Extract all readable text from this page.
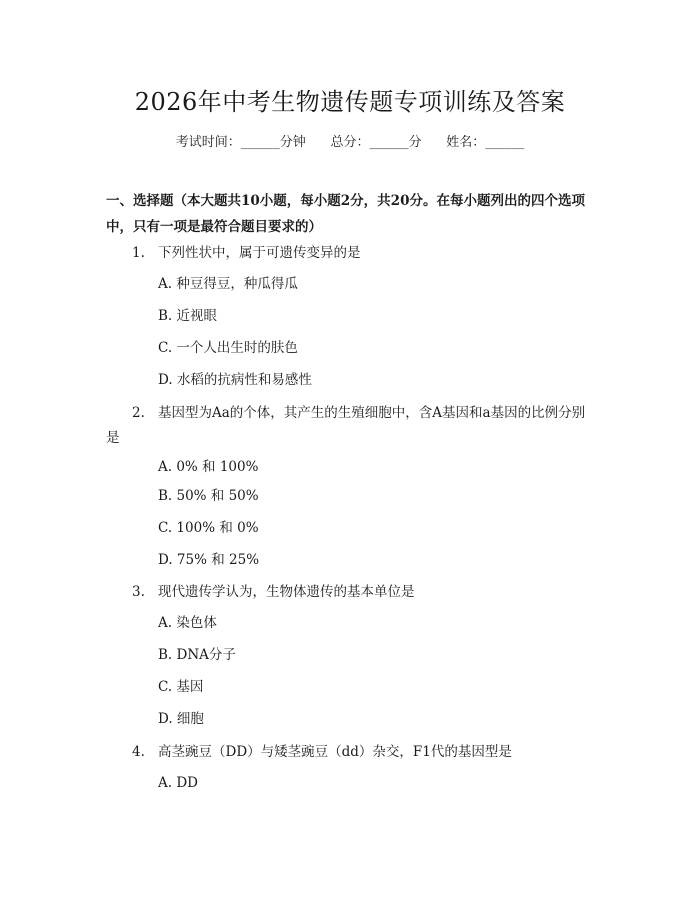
2026年中考生物遗传题专项训练及答案
考试时间：______分钟      总分：______分      姓名：______
一、选择题（本大题共10小题，每小题2分，共20分。在每小题列出的四个选项中，只有一项是最符合题目要求的）
1. 下列性状中，属于可遗传变异的是
A. 种豆得豆，种瓜得瓜
B. 近视眼
C. 一个人出生时的肤色
D. 水稻的抗病性和易感性
2. 基因型为Aa的个体，其产生的生殖细胞中，含A基因和a基因的比例分别是
A. 0% 和 100%
B. 50% 和 50%
C. 100% 和 0%
D. 75% 和 25%
3. 现代遗传学认为，生物体遗传的基本单位是
A. 染色体
B. DNA分子
C. 基因
D. 细胞
4. 高茎豌豆（DD）与矮茎豌豆（dd）杂交，F1代的基因型是
A. DD
